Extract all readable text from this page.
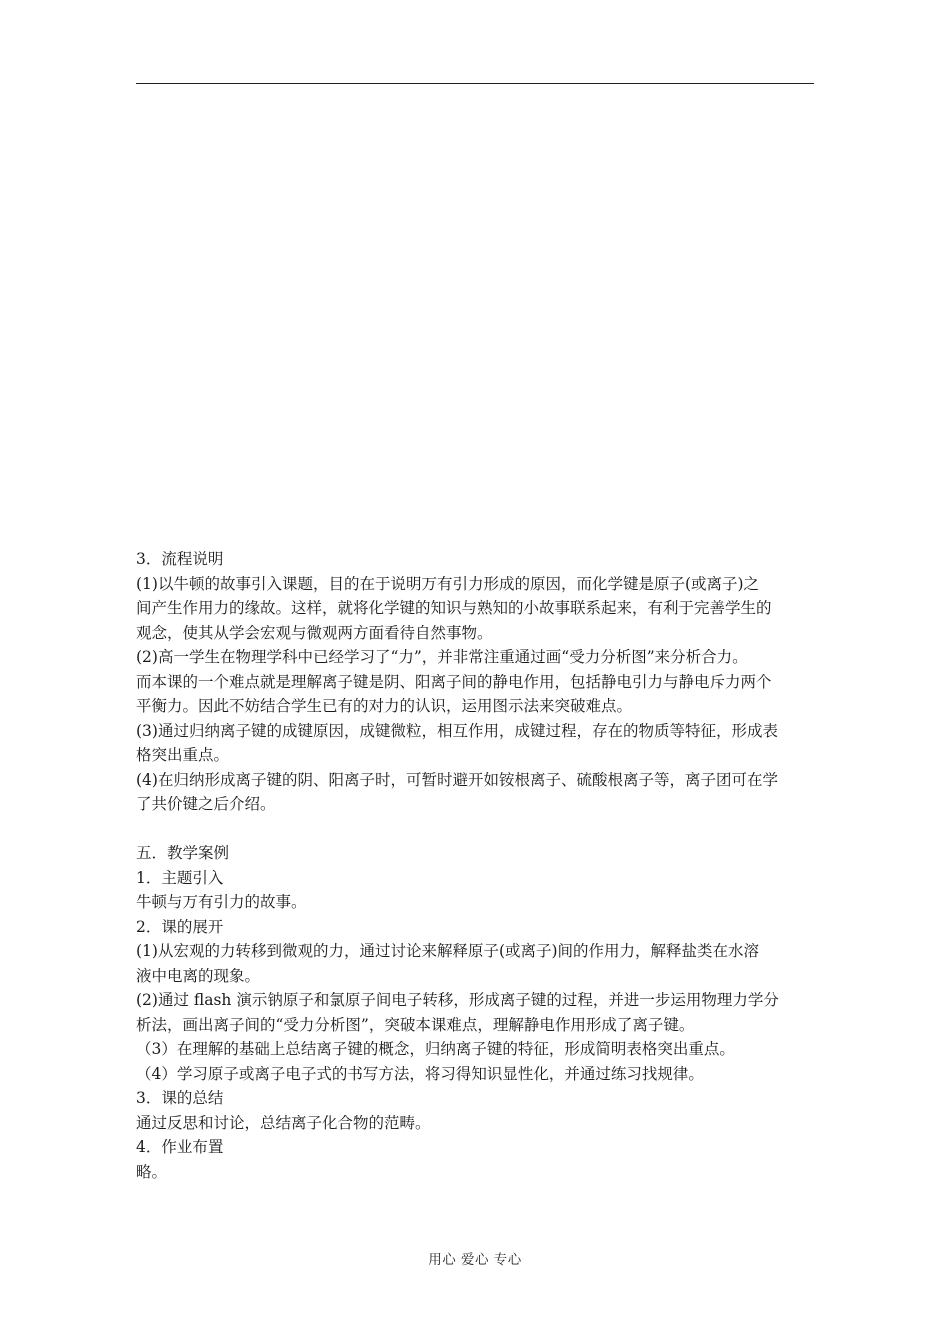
3．流程说明
(1)以牛顿的故事引入课题，目的在于说明万有引力形成的原因，而化学键是原子(或离子)之
间产生作用力的缘故。这样，就将化学键的知识与熟知的小故事联系起来，有利于完善学生的
观念，使其从学会宏观与微观两方面看待自然事物。
(2)高一学生在物理学科中已经学习了“力”，并非常注重通过画“受力分析图”来分析合力。
而本课的一个难点就是理解离子键是阴、阳离子间的静电作用，包括静电引力与静电斥力两个
平衡力。因此不妨结合学生已有的对力的认识，运用图示法来突破难点。
(3)通过归纳离子键的成键原因，成键微粒，相互作用，成键过程，存在的物质等特征，形成表
格突出重点。
(4)在归纳形成离子键的阴、阳离子时，可暂时避开如铵根离子、硫酸根离子等，离子团可在学
了共价键之后介绍。
五．教学案例
1．主题引入
牛顿与万有引力的故事。
2．课的展开
(1)从宏观的力转移到微观的力，通过讨论来解释原子(或离子)间的作用力，解释盐类在水溶
液中电离的现象。
(2)通过 flash 演示钠原子和氯原子间电子转移，形成离子键的过程，并进一步运用物理力学分
析法，画出离子间的“受力分析图”，突破本课难点，理解静电作用形成了离子键。
（3）在理解的基础上总结离子键的概念，归纳离子键的特征，形成简明表格突出重点。
（4）学习原子或离子电子式的书写方法，将习得知识显性化，并通过练习找规律。
3．课的总结
通过反思和讨论，总结离子化合物的范畴。
4．作业布置
略。
用心 爱心 专心
